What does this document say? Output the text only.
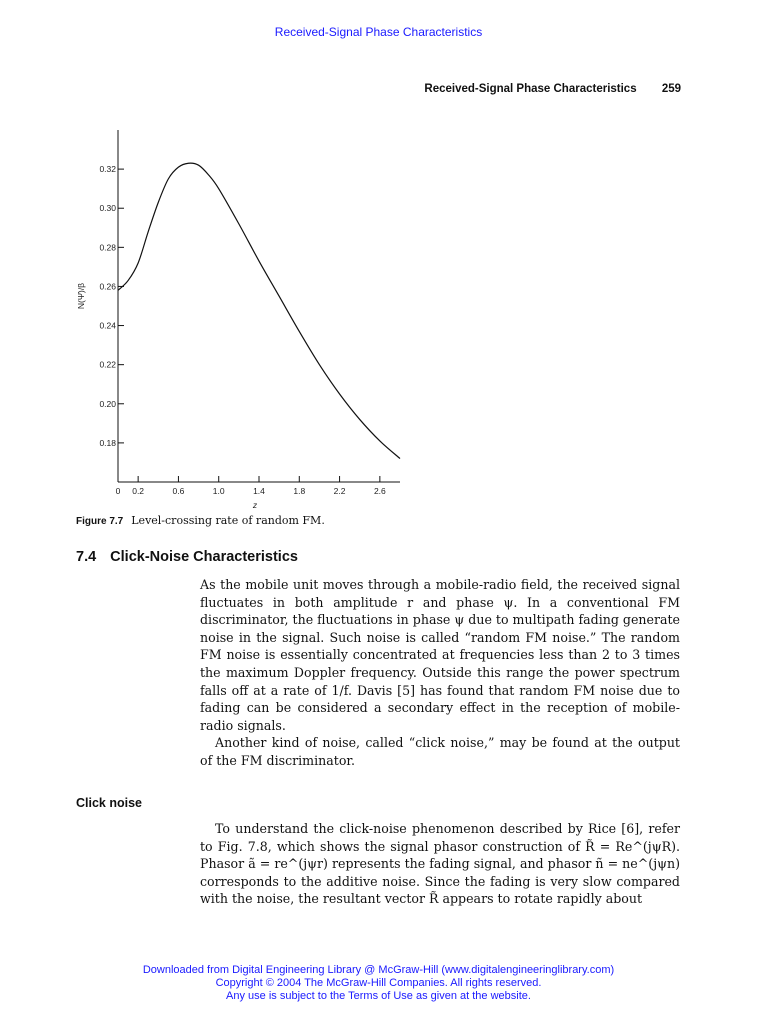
Received-Signal Phase Characteristics
Received-Signal Phase Characteristics 259
0.18
0.20
0.22
0.24
0.26
0.28
0.30
0.32
0 0.2	0.6	1.0	1.4	1.8	2.2	2.6
z
N(Ψ̇)/β
Figure 7.7 Level-crossing rate of random FM.
7.4 Click-Noise Characteristics

As the mobile unit moves through a mobile-radio field, the received signal fluctuates in both amplitude r and phase ψ. In a conventional FM discriminator, the fluctuations in phase ψ due to multipath fading generate noise in the signal. Such noise is called “random FM noise.” The random FM noise is essentially concentrated at frequencies less than 2 to 3 times the maximum Doppler frequency. Outside this range the power spectrum falls off at a rate of 1/f. Davis [5] has found that random FM noise due to fading can be considered a secondary effect in the reception of mobile-radio signals.

Another kind of noise, called “click noise,” may be found at the output of the FM discriminator.

Click noise

To understand the click-noise phenomenon described by Rice [6], refer to Fig. 7.8, which shows the signal phasor construction of R̃ = Re^(jψR). Phasor ã = re^(jψr) represents the fading signal, and phasor ñ = ne^(jψn) corresponds to the additive noise. Since the fading is very slow compared with the noise, the resultant vector R̃ appears to rotate rapidly about

Downloaded from Digital Engineering Library @ McGraw-Hill (www.digitalengineeringlibrary.com)
Copyright © 2004 The McGraw-Hill Companies. All rights reserved.
Any use is subject to the Terms of Use as given at the website.
